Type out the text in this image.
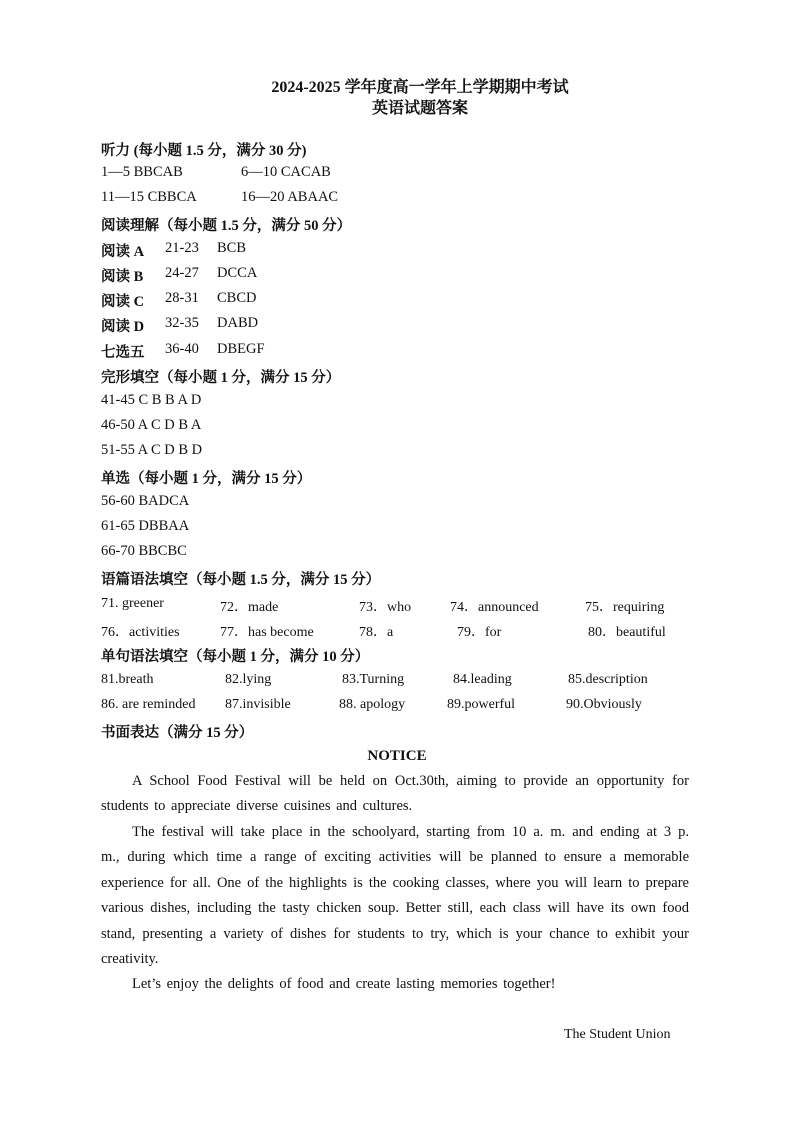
2024-2025 学年度高一学年上学期期中考试
英语试题答案
听力 (每小题 1.5 分，满分 30 分)
1—5 BBCAB	6—10 CACAB
11—15 CBBCA	16—20 ABAAC
阅读理解（每小题 1.5 分，满分 50 分）
阅读 A 21-23 BCB
阅读 B 24-27 DCCA
阅读 C 28-31 CBCD
阅读 D 32-35 DABD
七选五 36-40 DBEGF
完形填空（每小题 1 分，满分 15 分）
41-45 C B B A D
46-50 A C D B A
51-55 A C D B D
单选（每小题 1 分，满分 15 分）
56-60 BADCA
61-65 DBBAA
66-70 BBCBC
语篇语法填空（每小题 1.5 分，满分 15 分）
71. greener	72．made	73．who	74．announced	75．requiring
76．activities	77．has become	78．a	79．for	80．beautiful
单句语法填空（每小题 1 分，满分 10 分）
81.breath	82.lying	83.Turning	84.leading	85.description
86. are reminded 87.invisible	88. apology	89.powerful	90.Obviously
书面表达（满分 15 分）
NOTICE
A School Food Festival will be held on Oct.30th, aiming to provide an opportunity for students to appreciate diverse cuisines and cultures.
The festival will take place in the schoolyard, starting from 10 a. m. and ending at 3 p. m., during which time a range of exciting activities will be planned to ensure a memorable experience for all. One of the highlights is the cooking classes, where you will learn to prepare various dishes, including the tasty chicken soup. Better still, each class will have its own food stand, presenting a variety of dishes for students to try, which is your chance to exhibit your creativity.
Let’s enjoy the delights of food and create lasting memories together!
The Student Union
